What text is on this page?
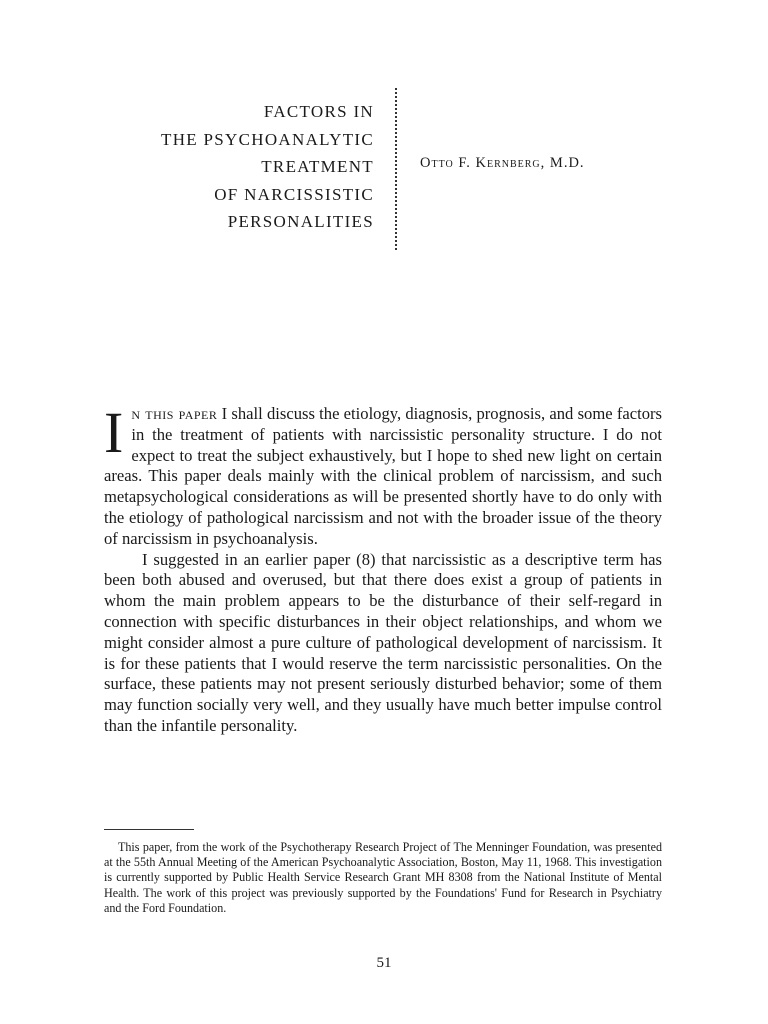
FACTORS IN
THE PSYCHOANALYTIC
TREATMENT
OF NARCISSISTIC
PERSONALITIES
Otto F. Kernberg, M.D.

In this paper I shall discuss the etiology, diagnosis, prognosis, and some factors in the treatment of patients with narcissistic personality structure. I do not expect to treat the subject exhaustively, but I hope to shed new light on certain areas. This paper deals mainly with the clinical problem of narcissism, and such metapsychological considerations as will be presented shortly have to do only with the etiology of pathological narcissism and not with the broader issue of the theory of narcissism in psychoanalysis.

I suggested in an earlier paper (8) that narcissistic as a descriptive term has been both abused and overused, but that there does exist a group of patients in whom the main problem appears to be the disturbance of their self-regard in connection with specific disturbances in their object relationships, and whom we might consider almost a pure culture of pathological development of narcissism. It is for these patients that I would reserve the term narcissistic personalities. On the surface, these patients may not present seriously disturbed behavior; some of them may function socially very well, and they usually have much better impulse control than the infantile personality.

This paper, from the work of the Psychotherapy Research Project of The Menninger Foundation, was presented at the 55th Annual Meeting of the American Psychoanalytic Association, Boston, May 11, 1968. This investigation is currently supported by Public Health Service Research Grant MH 8308 from the National Institute of Mental Health. The work of this project was previously supported by the Foundations' Fund for Research in Psychiatry and the Ford Foundation.

51
